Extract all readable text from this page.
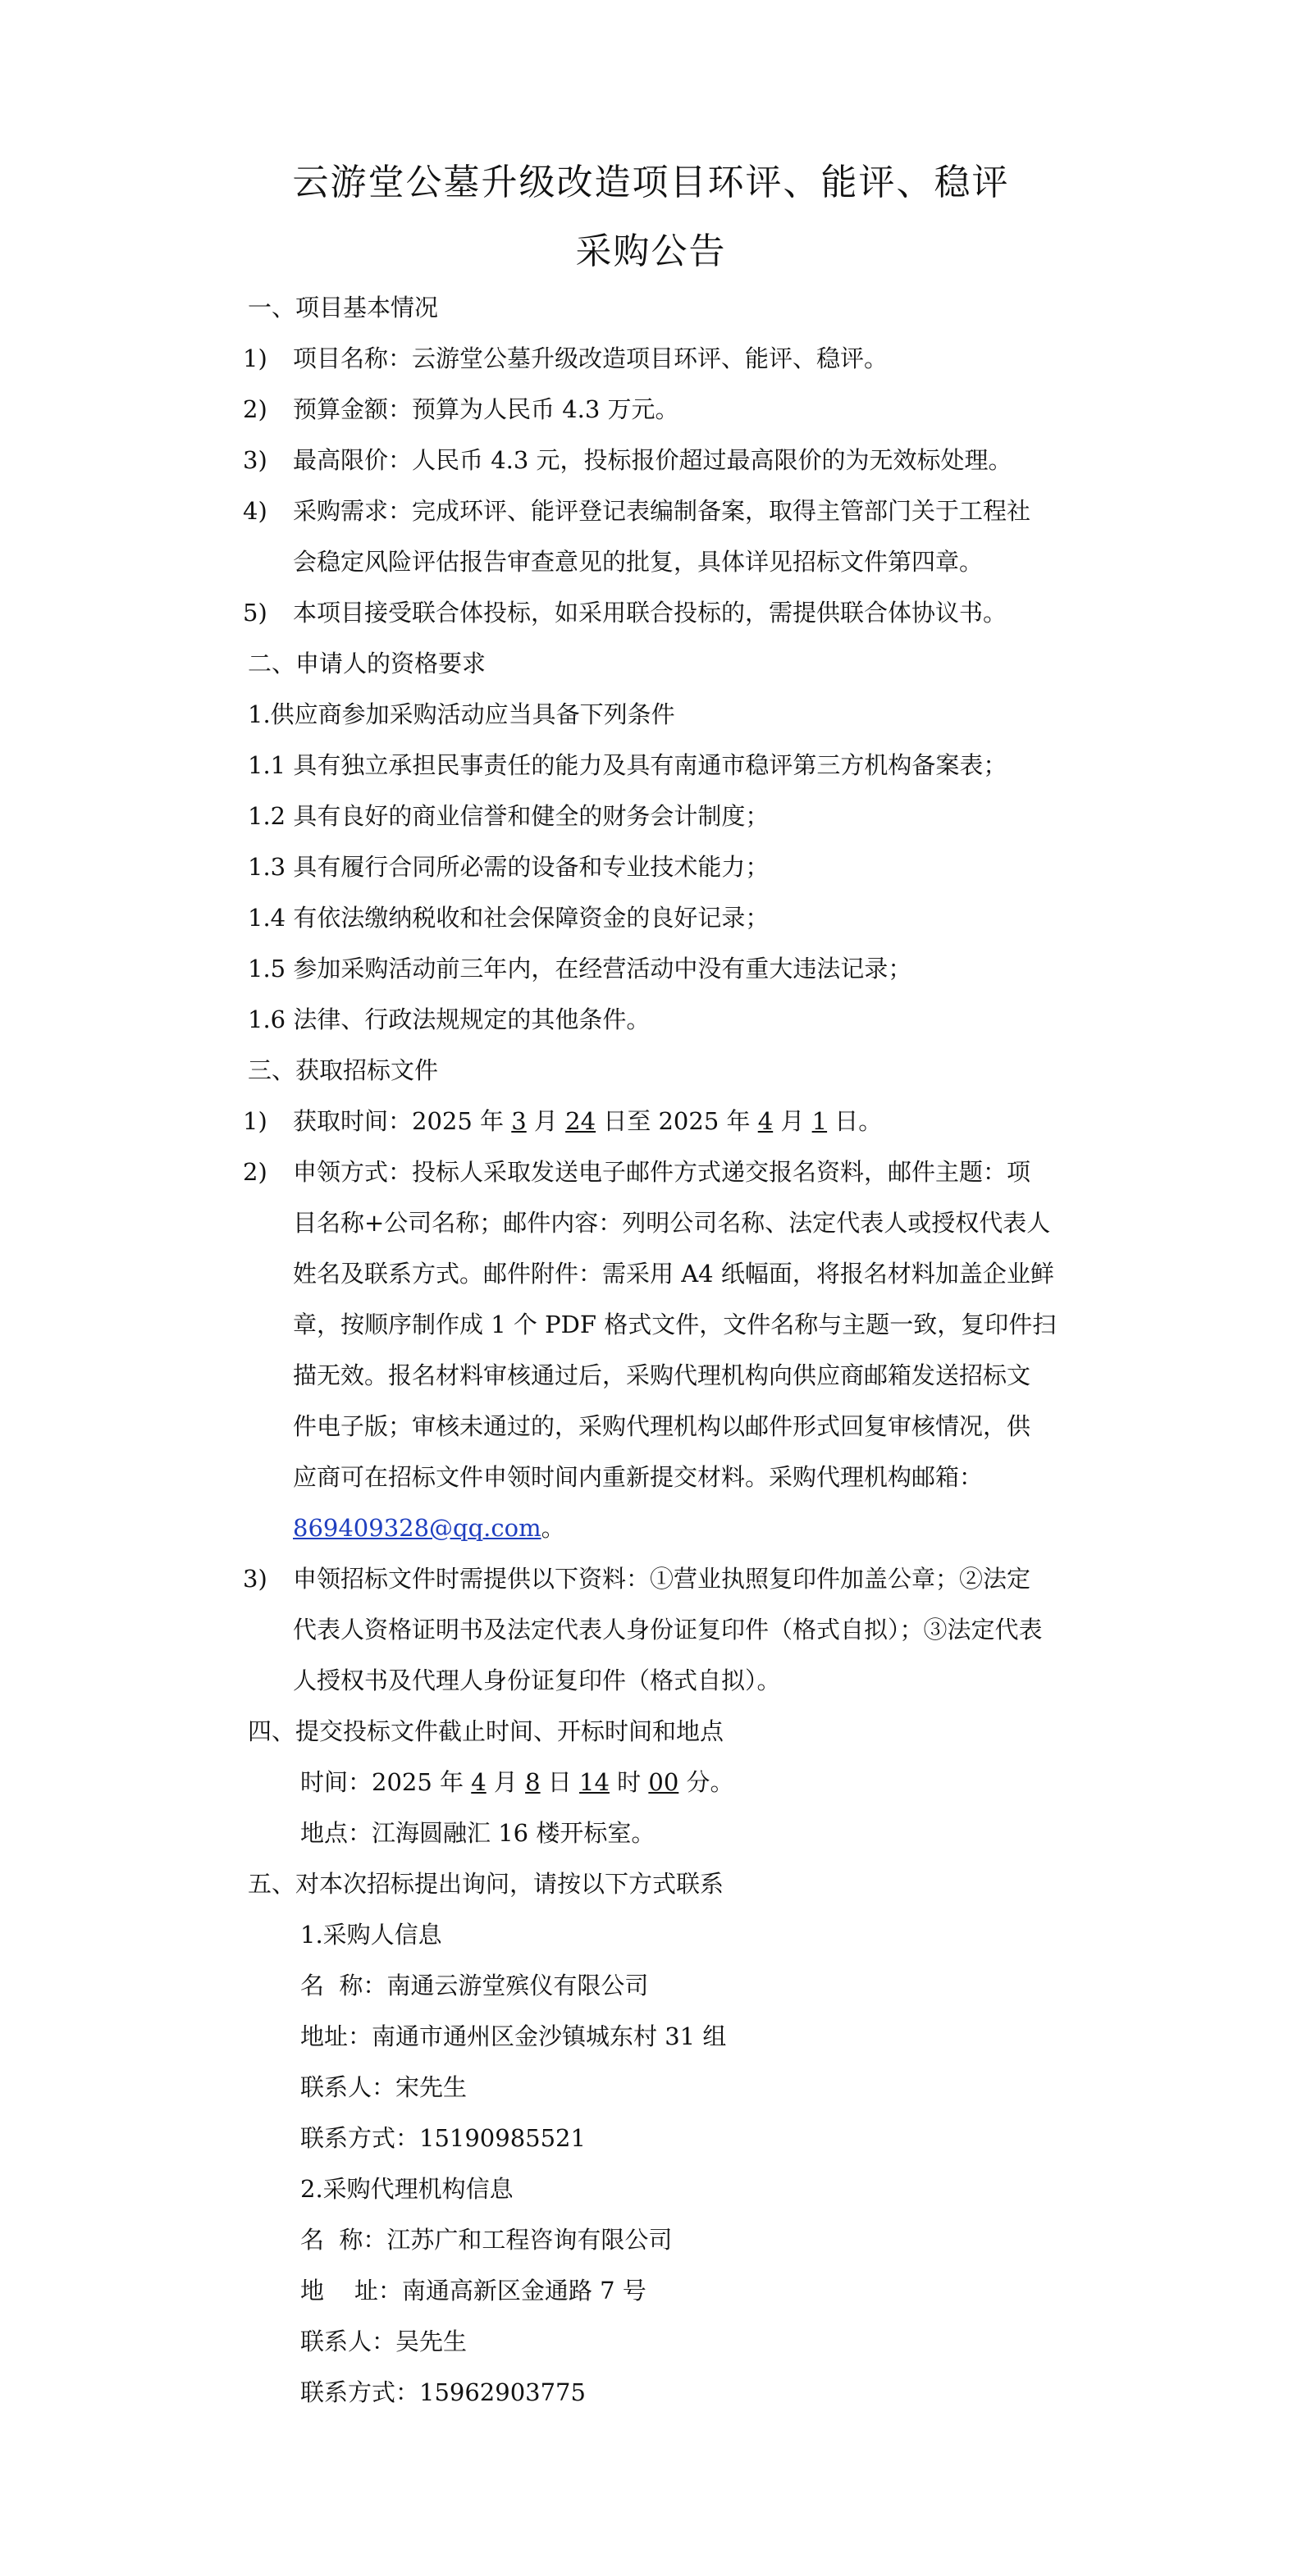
云游堂公墓升级改造项目环评、能评、稳评
采购公告
一、项目基本情况
1) 项目名称：云游堂公墓升级改造项目环评、能评、稳评。
2) 预算金额：预算为人民币 4.3 万元。
3) 最高限价：人民币 4.3 元，投标报价超过最高限价的为无效标处理。
4) 采购需求：完成环评、能评登记表编制备案，取得主管部门关于工程社
会稳定风险评估报告审查意见的批复，具体详见招标文件第四章。
5) 本项目接受联合体投标，如采用联合投标的，需提供联合体协议书。
二、申请人的资格要求
1.供应商参加采购活动应当具备下列条件
1.1 具有独立承担民事责任的能力及具有南通市稳评第三方机构备案表；
1.2 具有良好的商业信誉和健全的财务会计制度；
1.3 具有履行合同所必需的设备和专业技术能力；
1.4 有依法缴纳税收和社会保障资金的良好记录；
1.5 参加采购活动前三年内，在经营活动中没有重大违法记录；
1.6 法律、行政法规规定的其他条件。
三、获取招标文件
1) 获取时间：2025 年 3 月 24 日至 2025 年 4 月 1 日。
2) 申领方式：投标人采取发送电子邮件方式递交报名资料，邮件主题：项
目名称+公司名称；邮件内容：列明公司名称、法定代表人或授权代表人
姓名及联系方式。邮件附件：需采用 A4 纸幅面，将报名材料加盖企业鲜
章，按顺序制作成 1 个 PDF 格式文件，文件名称与主题一致，复印件扫
描无效。报名材料审核通过后，采购代理机构向供应商邮箱发送招标文
件电子版；审核未通过的，采购代理机构以邮件形式回复审核情况，供
应商可在招标文件申领时间内重新提交材料。采购代理机构邮箱：
869409328@qq.com。
3) 申领招标文件时需提供以下资料：①营业执照复印件加盖公章；②法定
代表人资格证明书及法定代表人身份证复印件（格式自拟）；③法定代表
人授权书及代理人身份证复印件（格式自拟）。
四、提交投标文件截止时间、开标时间和地点
时间：2025 年 4 月 8 日 14 时 00 分。
地点：江海圆融汇 16 楼开标室。
五、对本次招标提出询问，请按以下方式联系
1.采购人信息
名  称：南通云游堂殡仪有限公司
地址：南通市通州区金沙镇城东村 31 组
联系人：宋先生
联系方式：15190985521
2.采购代理机构信息
名  称：江苏广和工程咨询有限公司
地    址：南通高新区金通路 7 号
联系人：吴先生
联系方式：15962903775
